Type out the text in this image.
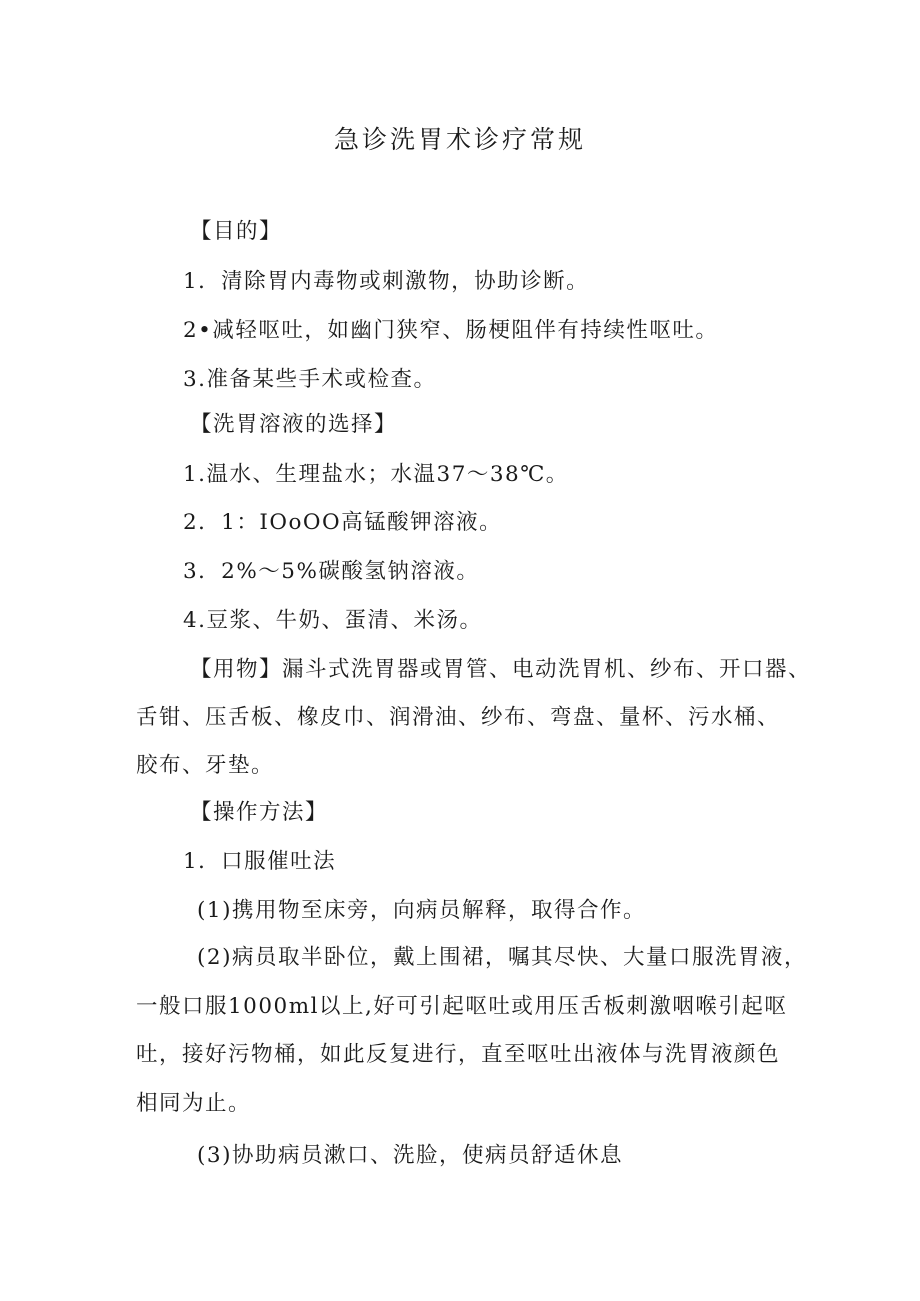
急诊洗胃术诊疗常规
【目的】
1．清除胃内毒物或刺激物，协助诊断。
2•减轻呕吐，如幽门狭窄、肠梗阻伴有持续性呕吐。
3.准备某些手术或检查。
【洗胃溶液的选择】
1.温水、生理盐水；水温37～38℃。
2．1：IOoOO高锰酸钾溶液。
3．2%～5%碳酸氢钠溶液。
4.豆浆、牛奶、蛋清、米汤。
【用物】漏斗式洗胃器或胃管、电动洗胃机、纱布、开口器、
舌钳、压舌板、橡皮巾、润滑油、纱布、弯盘、量杯、污水桶、
胶布、牙垫。
【操作方法】
1．口服催吐法
(1)携用物至床旁，向病员解释，取得合作。
(2)病员取半卧位，戴上围裙，嘱其尽快、大量口服洗胃液，
一般口服1000ml以上,好可引起呕吐或用压舌板刺激咽喉引起呕
吐，接好污物桶，如此反复进行，直至呕吐出液体与洗胃液颜色
相同为止。
(3)协助病员漱口、洗脸，使病员舒适休息
